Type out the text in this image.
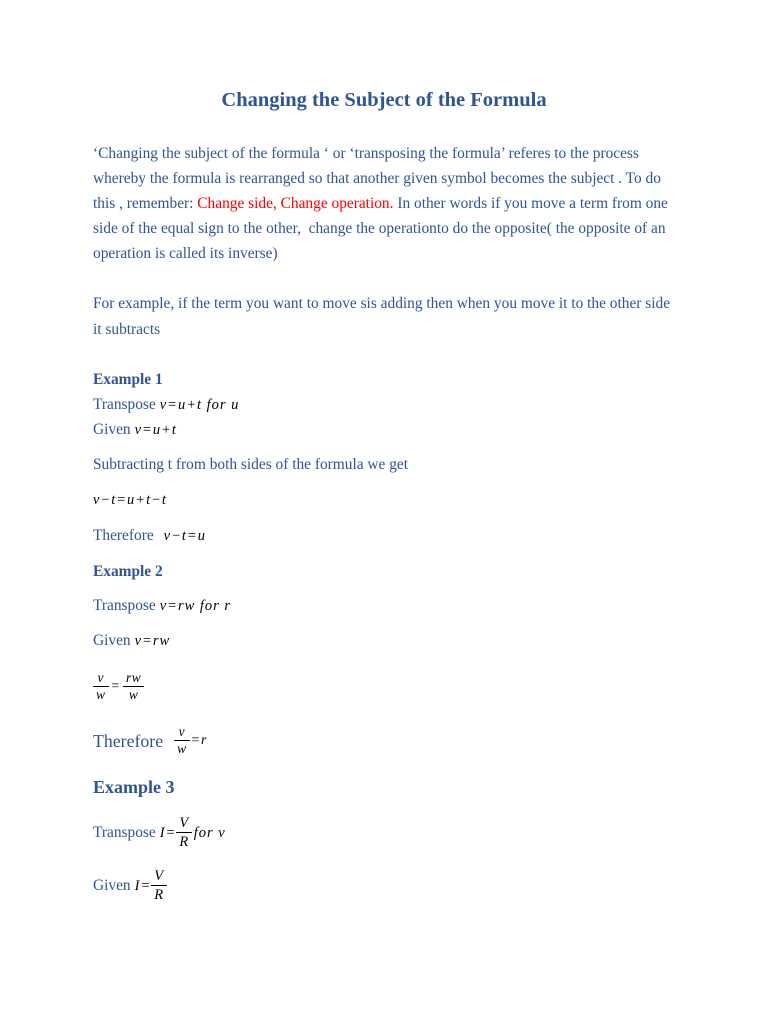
Changing the Subject of the Formula
‘Changing the subject of the formula ‘ or ‘transposing the formula’ referes to the process
whereby the formula is rearranged so that another given symbol becomes the subject . To do
this , remember: Change side, Change operation. In other words if you move a term from one
side of the equal sign to the other,  change the operationto do the opposite( the opposite of an
operation is called its inverse)
For example, if the term you want to move sis adding then when you move it to the other side
it subtracts
Example 1
Transpose v=u+t for u
Given v=u+t
Subtracting t from both sides of the formula we get
v−t=u+t−t
Therefore v−t=u
Example 2
Transpose v=rw for r
Given v=rw
$\frac{v}{w} = \frac{rw}{w}$
Therefore $\frac{v}{w} =r$
Example 3
Transpose $I= \frac{V}{R}$ for v
Given $I= \frac{V}{R}$
